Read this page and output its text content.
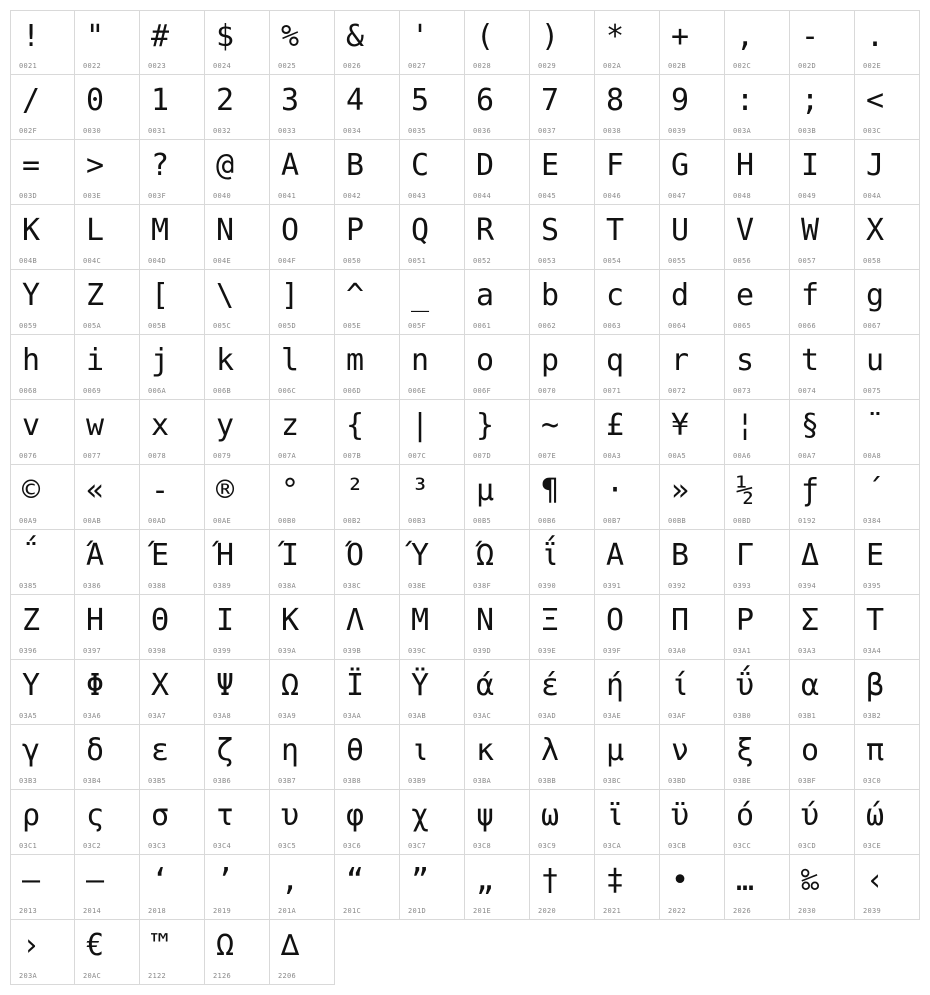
!
0021
"
0022
#
0023
$
0024
%
0025
&
0026
'
0027
(
0028
)
0029
*
002A
+
002B
,
002C
-
002D
.
002E
/
002F
0
0030
1
0031
2
0032
3
0033
4
0034
5
0035
6
0036
7
0037
8
0038
9
0039
:
003A
;
003B
<
003C
=
003D
>
003E
?
003F
@
0040
A
0041
B
0042
C
0043
D
0044
E
0045
F
0046
G
0047
H
0048
I
0049
J
004A
K
004B
L
004C
M
004D
N
004E
O
004F
P
0050
Q
0051
R
0052
S
0053
T
0054
U
0055
V
0056
W
0057
X
0058
Y
0059
Z
005A
[
005B
\
005C
]
005D
^
005E
_
005F
a
0061
b
0062
c
0063
d
0064
e
0065
f
0066
g
0067
h
0068
i
0069
j
006A
k
006B
l
006C
m
006D
n
006E
o
006F
p
0070
q
0071
r
0072
s
0073
t
0074
u
0075
v
0076
w
0077
x
0078
y
0079
z
007A
{
007B
|
007C
}
007D
~
007E
£
00A3
¥
00A5
¦
00A6
§
00A7
¨
00A8
©
00A9
«
00AB
-
00AD
®
00AE
°
00B0
²
00B2
³
00B3
µ
00B5
¶
00B6
·
00B7
»
00BB
½
00BD
ƒ
0192
΄
0384
΅
0385
Ά
0386
Έ
0388
Ή
0389
Ί
038A
Ό
038C
Ύ
038E
Ώ
038F
ΐ
0390
Α
0391
Β
0392
Γ
0393
Δ
0394
Ε
0395
Ζ
0396
Η
0397
Θ
0398
Ι
0399
Κ
039A
Λ
039B
Μ
039C
Ν
039D
Ξ
039E
Ο
039F
Π
03A0
Ρ
03A1
Σ
03A3
Τ
03A4
Υ
03A5
Φ
03A6
Χ
03A7
Ψ
03A8
Ω
03A9
Ϊ
03AA
Ϋ
03AB
ά
03AC
έ
03AD
ή
03AE
ί
03AF
ΰ
03B0
α
03B1
β
03B2
γ
03B3
δ
03B4
ε
03B5
ζ
03B6
η
03B7
θ
03B8
ι
03B9
κ
03BA
λ
03BB
μ
03BC
ν
03BD
ξ
03BE
ο
03BF
π
03C0
ρ
03C1
ς
03C2
σ
03C3
τ
03C4
υ
03C5
φ
03C6
χ
03C7
ψ
03C8
ω
03C9
ϊ
03CA
ϋ
03CB
ό
03CC
ύ
03CD
ώ
03CE
–
2013
—
2014
‘
2018
’
2019
‚
201A
“
201C
”
201D
„
201E
†
2020
‡
2021
•
2022
…
2026
‰
2030
‹
2039
›
203A
€
20AC
™
2122
Ω
2126
∆
2206
